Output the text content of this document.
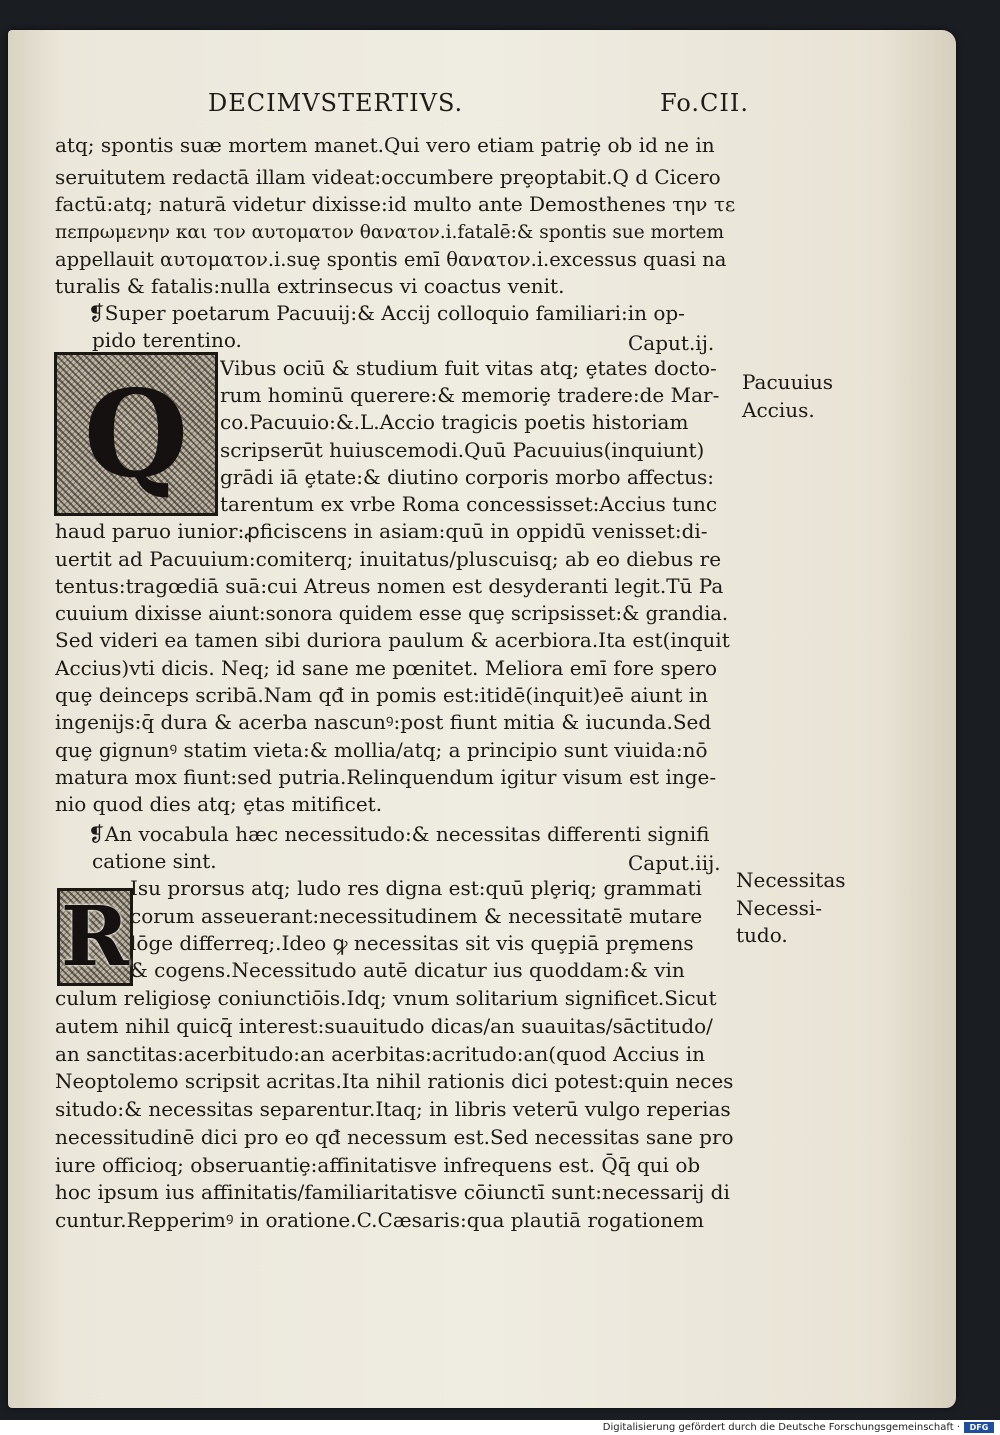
DECIMVSTERTIVS.	Fo.CII.
Q
R
atq; spontis suæ mortem manet.Qui vero etiam patriȩ ob id ne in
seruitutem redactā illam videat:occumbere prȩoptabit.Q d Cicero
factū:atq; naturā videtur dixisse:id multo ante Demosthenes την τε
πεπρωμενην και τον αυτοματον θανατον.i.fatalē:& spontis sue mortem
appellauit αυτοματον.i.suȩ spontis emī θανατον.i.excessus quasi na
turalis & fatalis:nulla extrinsecus vi coactus venit.
❡Super poetarum Pacuuij:& Accij colloquio familiari:in op-
pido terentino.	Caput.ij.
Vibus ociū & studium fuit vitas atq; ȩtates docto-
rum hominū querere:& memoriȩ tradere:de Mar-
co.Pacuuio:&.L.Accio tragicis poetis historiam
scripserūt huiuscemodi.Quū Pacuuius(inquiunt)
grādi iā ȩtate:& diutino corporis morbo affectus:
tarentum ex vrbe Roma concessisset:Accius tunc
haud paruo iunior:ꝓficiscens in asiam:quū in oppidū venisset:di-
uertit ad Pacuuium:comiterq; inuitatus/pluscuisq; ab eo diebus re
tentus:tragœdiā suā:cui Atreus nomen est desyderanti legit.Tū Pa
cuuium dixisse aiunt:sonora quidem esse quȩ scripsisset:& grandia.
Sed videri ea tamen sibi duriora paulum & acerbiora.Ita est(inquit
Accius)vti dicis. Neq; id sane me pœnitet. Meliora emī fore spero
quȩ deinceps scribā.Nam qđ in pomis est:itidē(inquit)eē aiunt in
ingenijs:q̄ dura & acerba nascunꝰ:post fiunt mitia & iucunda.Sed
quȩ gignunꝰ statim vieta:& mollia/atq; a principio sunt viuida:nō
matura mox fiunt:sed putria.Relinquendum igitur visum est inge-
nio quod dies atq; ȩtas mitificet.
❡An vocabula hæc necessitudo:& necessitas differenti signifi
catione sint.	Caput.iij.
Isu prorsus atq; ludo res digna est:quū plȩriq; grammati
corum asseuerant:necessitudinem & necessitatē mutare
lōge differreq;.Ideo ꝙ necessitas sit vis quȩpiā prȩmens
& cogens.Necessitudo autē dicatur ius quoddam:& vin
culum religiosȩ coniunctiōis.Idq; vnum solitarium significet.Sicut
autem nihil quicq̄ interest:suauitudo dicas/an suauitas/sāctitudo/
an sanctitas:acerbitudo:an acerbitas:acritudo:an(quod Accius in
Neoptolemo scripsit acritas.Ita nihil rationis dici potest:quin neces
situdo:& necessitas separentur.Itaq; in libris veterū vulgo reperias
necessitudinē dici pro eo qđ necessum est.Sed necessitas sane pro
iure officioq; obseruantiȩ:affinitatisve infrequens est. Q̄q̄ qui ob
hoc ipsum ius affinitatis/familiaritatisve cōiunctī sunt:necessarij di
cuntur.Repperimꝰ in oratione.C.Cæsaris:qua plautiā rogationem
Pacuuius
Accius.
Necessitas
Necessi-
tudo.
Digitalisierung gefördert durch die Deutsche Forschungsgemeinschaft ·	DFG
